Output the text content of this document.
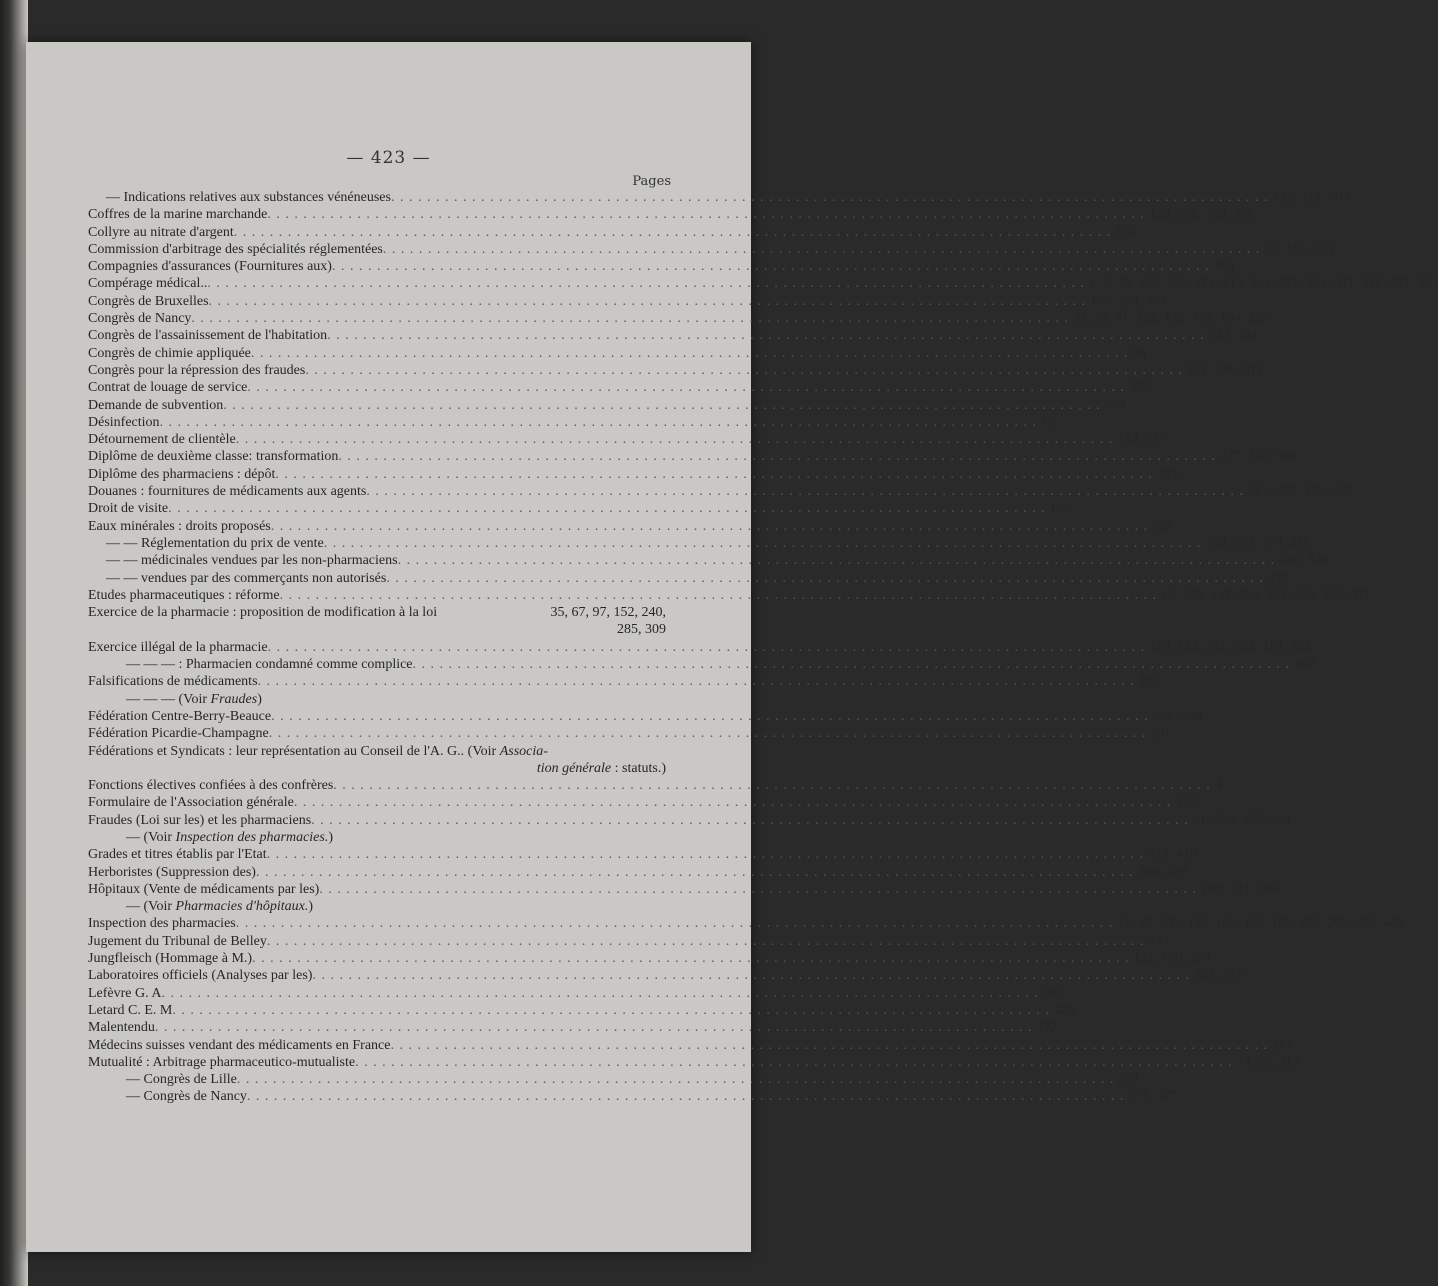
— 423 —
Pages
— Indications relatives aux substances vénéneuses . . .	135, 212, 303
Coffres de la marine marchande . . .	138, 286, 308, 366
Collyre au nitrate d'argent . . .	154
Commission d'arbitrage des spécialités réglementées . . .	31, 155, 371
Compagnies d'assurances (Fournitures aux) . . .	369
Compérage médical.. . . .	1, 2, 73, 108, 155, 174, 213, 241, 277, 294, 311, 328, 381, 393
Congrès de Bruxelles . . .	188, 284, 371
Congrès de Nancy . . .	33, 55, 71, 122, 130, 164, 194, 225
Congrès de l'assainissement de l'habitation . . .	223, 364
Congrès de chimie appliquée . . .	94
Congrès pour la répression des fraudes . . .	127, 136, 317
Contrat de louage de service . . .	387
Demande de subvention . . .	364
Désinfection . . .	15
Détournement de clientèle . . .	134, 217
Diplôme de deuxième classe: transformation . . .	277, 347, 366
Diplôme des pharmaciens : dépôt . . .	293
Douanes : fournitures de médicaments aux agents . . .	261, 288, 322, 367
Droit de visite . . .	199
Eaux minérales : droits proposés . . .	368
— — Réglementation du prix de vente . . .	258, 292, 370, 415
— — médicinales vendues par les non-pharmaciens . . .	260, 320
— — vendues par des commerçants non autorisés . . .	370
Etudes pharmaceutiques : réforme . . .	16, 123, 147, 234, 283, 303, 339, 371
Exercice de la pharmacie : proposition de modification à la loi	35, 67, 97, 152, 240,
285, 309
Exercice illégal de la pharmacie . . .	120, 134, 282, 283, 319, 364
— — — : Pharmacien condamné comme complice . . .	282
Falsifications de médicaments . . .	107
— — — (Voir Fraudes)
Fédération Centre-Berry-Beauce . . .	208, 288
Fédération Picardie-Champagne . . .	201
Fédérations et Syndicats : leur représentation au Conseil de l'A. G.. (Voir Associa-
tion générale : statuts.)
Fonctions électives confiées à des confrères . . .	4
Formulaire de l'Association générale . . .	317
Fraudes (Loi sur les) et les pharmaciens . . .	51, 350, 377, 408
— (Voir Inspection des pharmacies.)
Grades et titres établis par l'Etat . . .	219, 413
Herboristes (Suppression des) . . .	260, 320
Hôpitaux (Vente de médicaments par les) . . .	260, 321, 366
— (Voir Pharmacies d'hôpitaux.)
Inspection des pharmacies . . .	12, 47, 137, 139, 140, 170, 199, 262, 295, 365, 406
Jugement du Tribunal de Belley . . .	133
Jungfleisch (Hommage à M.) . . .	131, 190, 324
Laboratoires officiels (Analyses par les) . . .	141, 315
Lefèvre G. A . . .	392
Letard C. E. M . . .	420
Malentendu . . .	372
Médecins suisses vendant des médicaments en France . . .	261
Mutualité : Arbitrage pharmaceutico-mutualiste . . .	14, 59, 317
— Congrès de Lille . . .	291
— Congrès de Nancy . . .	371, 377
